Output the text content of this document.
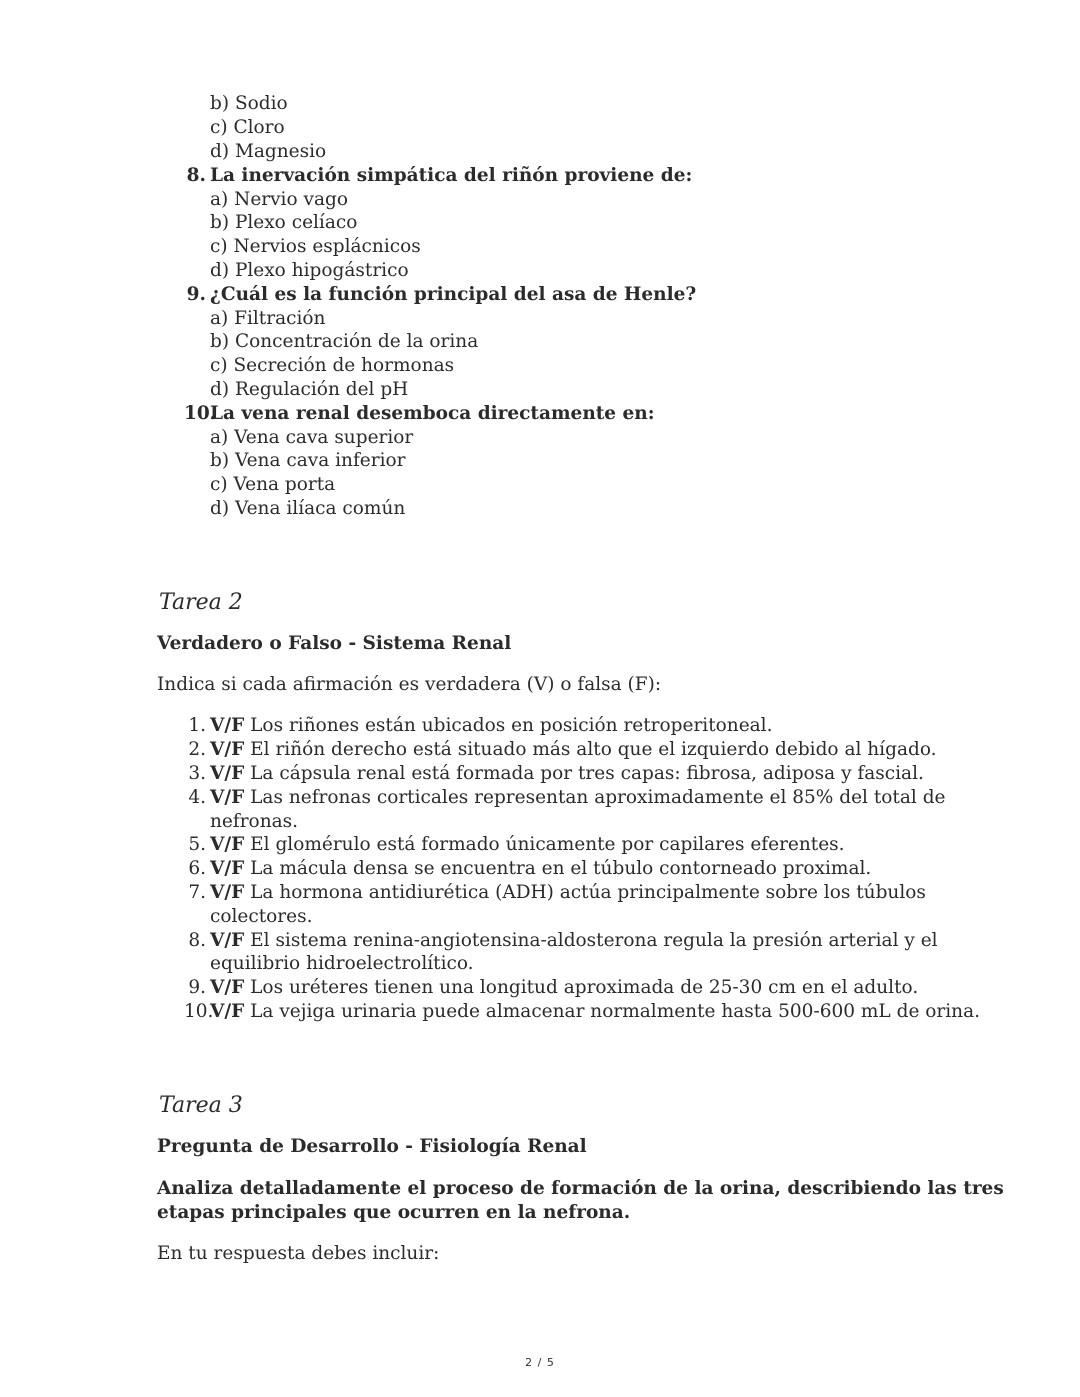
b) Sodio
c) Cloro
d) Magnesio
8. La inervación simpática del riñón proviene de:
a) Nervio vago
b) Plexo celíaco
c) Nervios esplácnicos
d) Plexo hipogástrico
9. ¿Cuál es la función principal del asa de Henle?
a) Filtración
b) Concentración de la orina
c) Secreción de hormonas
d) Regulación del pH
10.
La vena renal desemboca directamente en:
a) Vena cava superior
b) Vena cava inferior
c) Vena porta
d) Vena ilíaca común
Tarea 2
Verdadero o Falso - Sistema Renal
Indica si cada afirmación es verdadera (V) o falsa (F):
1. V/F Los riñones están ubicados en posición retroperitoneal.
2. V/F El riñón derecho está situado más alto que el izquierdo debido al hígado.
3. V/F La cápsula renal está formada por tres capas: fibrosa, adiposa y fascial.
4. V/F Las nefronas corticales representan aproximadamente el 85% del total de
nefronas.
5. V/F El glomérulo está formado únicamente por capilares eferentes.
6. V/F La mácula densa se encuentra en el túbulo contorneado proximal.
7. V/F La hormona antidiurética (ADH) actúa principalmente sobre los túbulos
colectores.
8. V/F El sistema renina-angiotensina-aldosterona regula la presión arterial y el
equilibrio hidroelectrolítico.
9. V/F Los uréteres tienen una longitud aproximada de 25-30 cm en el adulto.
10.
V/F La vejiga urinaria puede almacenar normalmente hasta 500-600 mL de orina.
Tarea 3
Pregunta de Desarrollo - Fisiología Renal
Analiza detalladamente el proceso de formación de la orina, describiendo las tres
etapas principales que ocurren en la nefrona.
En tu respuesta debes incluir:
2 / 5
